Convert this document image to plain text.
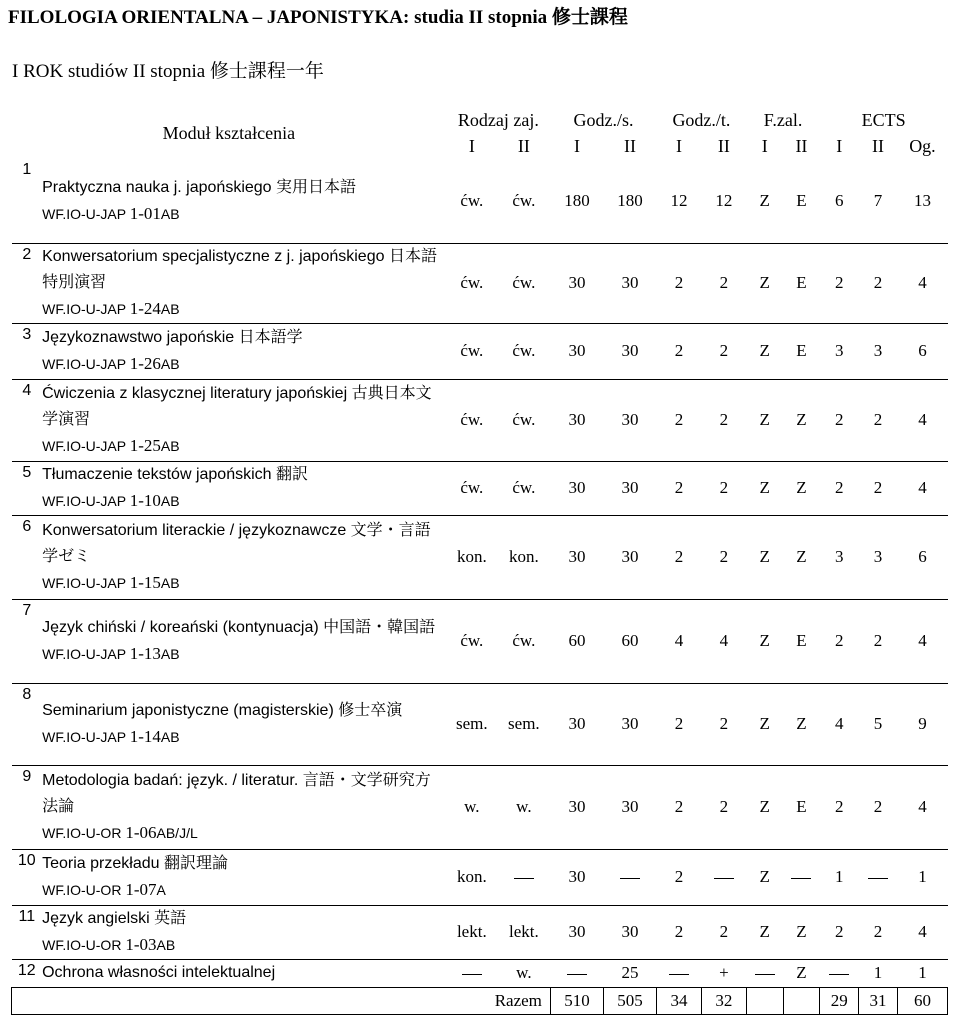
FILOLOGIA ORIENTALNA – JAPONISTYKA: studia II stopnia 修士課程
I ROK studiów II stopnia 修士課程一年
Moduł kształcenia		Rodzaj zaj.		Godz./s.		Godz./t.		F.zal.		ECTS		
		I	II	I	II	I	II	I	II	I	II	Og.
1	Praktyczna nauka j. japońskiego 実用日本語
WF.IO-U-JAP 1-01AB	ćw.	ćw.	180	180	12	12	Z	E	6	7	13
2	Konwersatorium specjalistyczne z j. japońskiego 日本語特別演習
WF.IO-U-JAP 1-24AB	ćw.	ćw.	30	30	2	2	Z	E	2	2	4
3	Językoznawstwo japońskie 日本語学
WF.IO-U-JAP 1-26AB	ćw.	ćw.	30	30	2	2	Z	E	3	3	6
4	Ćwiczenia z klasycznej literatury japońskiej 古典日本文学演習
WF.IO-U-JAP 1-25AB	ćw.	ćw.	30	30	2	2	Z	Z	2	2	4
5	Tłumaczenie tekstów japońskich 翻訳
WF.IO-U-JAP 1-10AB	ćw.	ćw.	30	30	2	2	Z	Z	2	2	4
6	Konwersatorium literackie / językoznawcze 文学・言語学ゼミ
WF.IO-U-JAP 1-15AB	kon.	kon.	30	30	2	2	Z	Z	3	3	6
7	Język chiński / koreański (kontynuacja) 中国語・韓国語
WF.IO-U-JAP 1-13AB	ćw.	ćw.	60	60	4	4	Z	E	2	2	4
8	Seminarium japonistyczne (magisterskie) 修士卒演
WF.IO-U-JAP 1-14AB	sem.	sem.	30	30	2	2	Z	Z	4	5	9
9	Metodologia badań: język. / literatur. 言語・文学研究方法論
WF.IO-U-OR 1-06AB/J/L	w.	w.	30	30	2	2	Z	E	2	2	4
10	Teoria przekładu 翻訳理論
WF.IO-U-OR 1-07A	kon.		30		2		Z		1		1
11	Język angielski 英語
WF.IO-U-OR 1-03AB	lekt.	lekt.	30	30	2	2	Z	Z	2	2	4
12	Ochrona własności intelektualnej		w.		25		+		Z		1	1
Razem				510	505	34	32			29	31	60
